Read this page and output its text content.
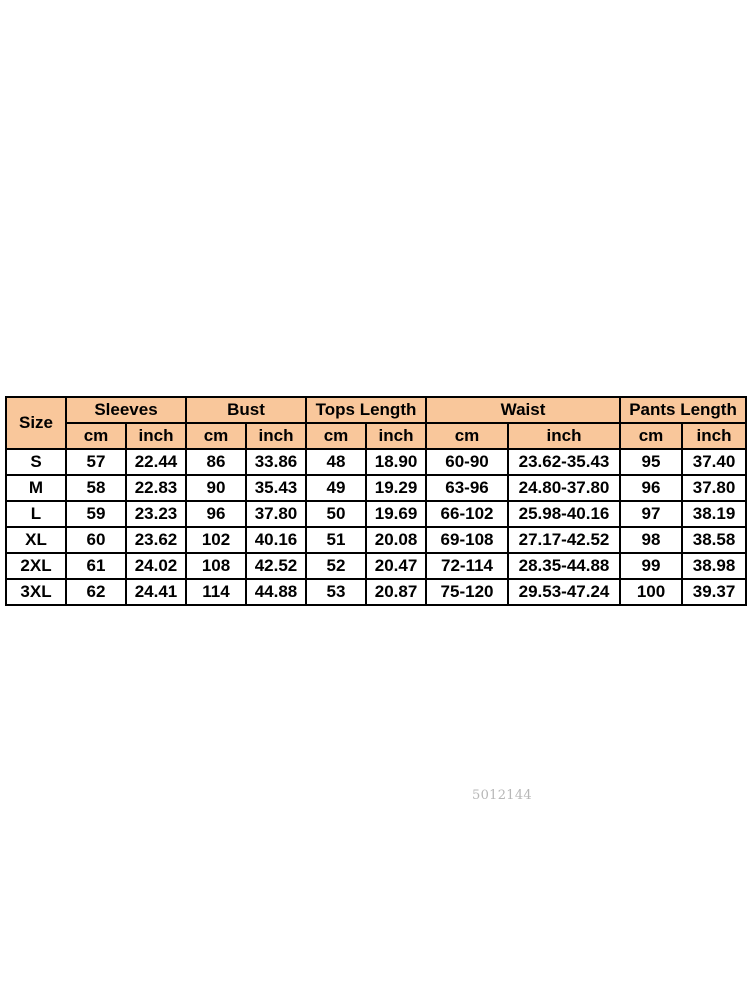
Size	Sleeves		Bust		Tops Length		Waist		Pants Length	
	cm	inch	cm	inch	cm	inch	cm	inch	cm	inch
S	57	22.44	86	33.86	48	18.90	60-90	23.62-35.43	95	37.40
M	58	22.83	90	35.43	49	19.29	63-96	24.80-37.80	96	37.80
L	59	23.23	96	37.80	50	19.69	66-102	25.98-40.16	97	38.19
XL	60	23.62	102	40.16	51	20.08	69-108	27.17-42.52	98	38.58
2XL	61	24.02	108	42.52	52	20.47	72-114	28.35-44.88	99	38.98
3XL	62	24.41	114	44.88	53	20.87	75-120	29.53-47.24	100	39.37
5012144
